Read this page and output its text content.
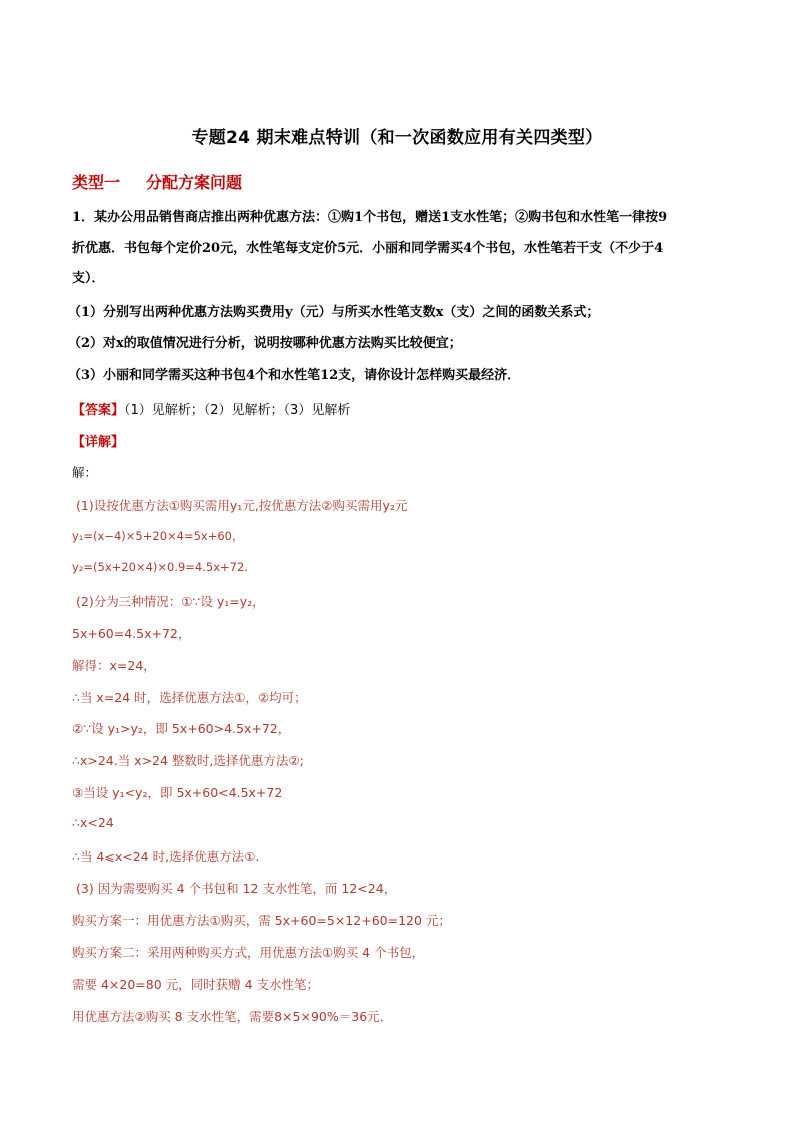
专题24 期末难点特训（和一次函数应用有关四类型）
类型一 分配方案问题
1．某办公用品销售商店推出两种优惠方法：①购1个书包，赠送1支水性笔；②购书包和水性笔一律按9
折优惠．书包每个定价20元，水性笔每支定价5元．小丽和同学需买4个书包，水性笔若干支（不少于4
支）．
（1）分别写出两种优惠方法购买费用y（元）与所买水性笔支数x（支）之间的函数关系式；
（2）对x的取值情况进行分析，说明按哪种优惠方法购买比较便宜；
（3）小丽和同学需买这种书包4个和水性笔12支，请你设计怎样购买最经济．
【答案】（1）见解析；（2）见解析；（3）见解析
【详解】
解：
(1)设按优惠方法①购买需用y₁元,按优惠方法②购买需用y₂元
y₁=(x−4)×5+20×4=5x+60，
y₂=(5x+20×4)×0.9=4.5x+72.
(2)分为三种情况：①∵设 y₁=y₂，
5x+60=4.5x+72，
解得：x=24，
∴当 x=24 时，选择优惠方法①，②均可；
②∵设 y₁>y₂，即 5x+60>4.5x+72，
∴x>24.当 x>24 整数时,选择优惠方法②;
③当设 y₁<y₂，即 5x+60<4.5x+72
∴x<24
∴当 4⩽x<24 时,选择优惠方法①.
(3) 因为需要购买 4 个书包和 12 支水性笔，而 12<24，
购买方案一：用优惠方法①购买，需 5x+60=5×12+60=120 元；
购买方案二：采用两种购买方式，用优惠方法①购买 4 个书包，
需要 4×20=80 元，同时获赠 4 支水性笔；
用优惠方法②购买 8 支水性笔，需要8×5×90%＝36元．
